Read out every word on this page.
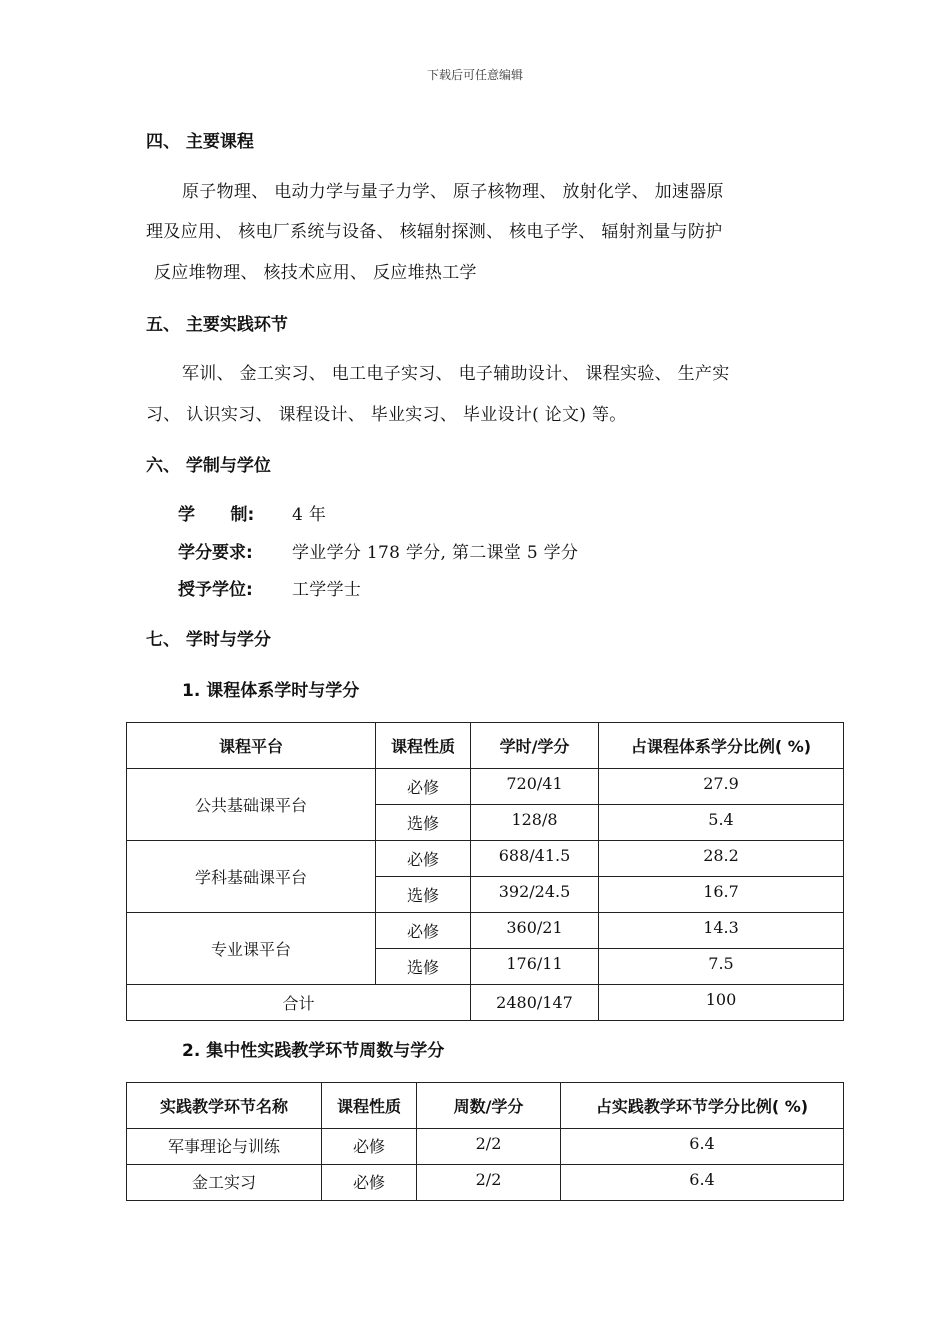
下载后可任意编辑
四、 主要课程
原子物理、 电动力学与量子力学、 原子核物理、 放射化学、 加速器原
理及应用、 核电厂系统与设备、 核辐射探测、 核电子学、 辐射剂量与防护
反应堆物理、 核技术应用、 反应堆热工学
五、 主要实践环节
军训、 金工实习、 电工电子实习、 电子辅助设计、 课程实验、 生产实
习、 认识实习、 课程设计、 毕业实习、 毕业设计( 论文) 等。
六、 学制与学位
学      制: 4 年
学分要求: 学业学分 178 学分, 第二课堂 5 学分
授予学位: 工学学士
七、 学时与学分
1. 课程体系学时与学分
课程平台	课程性质	学时/学分	占课程体系学分比例( %)
公共基础课平台	必修	720/41	27.9
	选修	128/8	5.4
学科基础课平台	必修	688/41.5	28.2
	选修	392/24.5	16.7
专业课平台	必修	360/21	14.3
	选修	176/11	7.5
合计		2480/147	100
2. 集中性实践教学环节周数与学分
实践教学环节名称	课程性质	周数/学分	占实践教学环节学分比例( %)
军事理论与训练	必修	2/2	6.4
金工实习	必修	2/2	6.4
